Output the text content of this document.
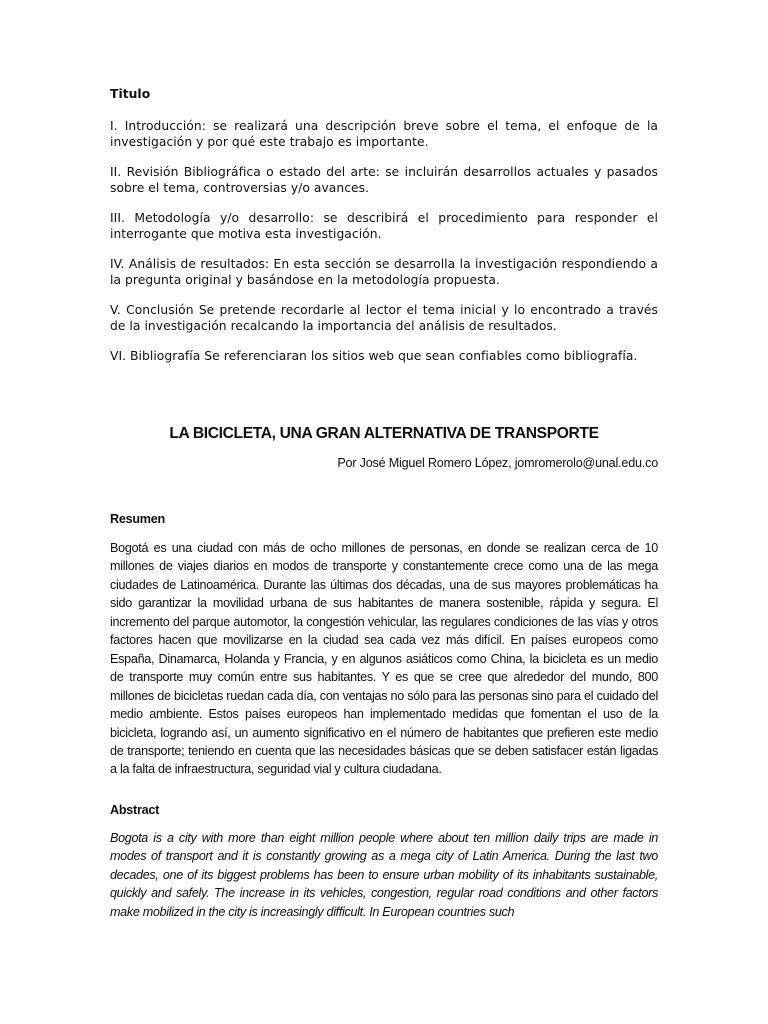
Titulo
I. Introducción: se realizará una descripción breve sobre el tema, el enfoque de la investigación y por qué este trabajo es importante.
II. Revisión Bibliográfica o estado del arte: se incluirán desarrollos actuales y pasados sobre el tema, controversias y/o avances.
III. Metodología y/o desarrollo: se describirá el procedimiento para responder el interrogante que motiva esta investigación.
IV. Análisis de resultados: En esta sección se desarrolla la investigación respondiendo a la pregunta original y basándose en la metodología propuesta.
V. Conclusión Se pretende recordarle al lector el tema inicial y lo encontrado a través de la investigación recalcando la importancia del análisis de resultados.
VI. Bibliografía Se referenciaran los sitios web que sean confiables como bibliografía.
LA BICICLETA, UNA GRAN ALTERNATIVA DE TRANSPORTE
Por José Miguel Romero López, jomromerolo@unal.edu.co
Resumen
Bogotá es una ciudad con más de ocho millones de personas, en donde se realizan cerca de 10 millones de viajes diarios en modos de transporte y constantemente crece como una de las mega ciudades de Latinoamérica. Durante las últimas dos décadas, una de sus mayores problemáticas ha sido garantizar la movilidad urbana de sus habitantes de manera sostenible, rápida y segura. El incremento del parque automotor, la congestión vehicular, las regulares condiciones de las vías y otros factores hacen que movilizarse en la ciudad sea cada vez más difícil. En países europeos como España, Dinamarca, Holanda y Francia, y en algunos asiáticos como China, la bicicleta es un medio de transporte muy común entre sus habitantes. Y es que se cree que alrededor del mundo, 800 millones de bicicletas ruedan cada día, con ventajas no sólo para las personas sino para el cuidado del medio ambiente. Estos países europeos han implementado medidas que fomentan el uso de la bicicleta, logrando así, un aumento significativo en el número de habitantes que prefieren este medio de transporte; teniendo en cuenta que las necesidades básicas que se deben satisfacer están ligadas a la falta de infraestructura, seguridad vial y cultura ciudadana.
Abstract
Bogota is a city with more than eight million people where about ten million daily trips are made in modes of transport and it is constantly growing as a mega city of Latin America. During the last two decades, one of its biggest problems has been to ensure urban mobility of its inhabitants sustainable, quickly and safely. The increase in its vehicles, congestion, regular road conditions and other factors make mobilized in the city is increasingly difficult. In European countries such
